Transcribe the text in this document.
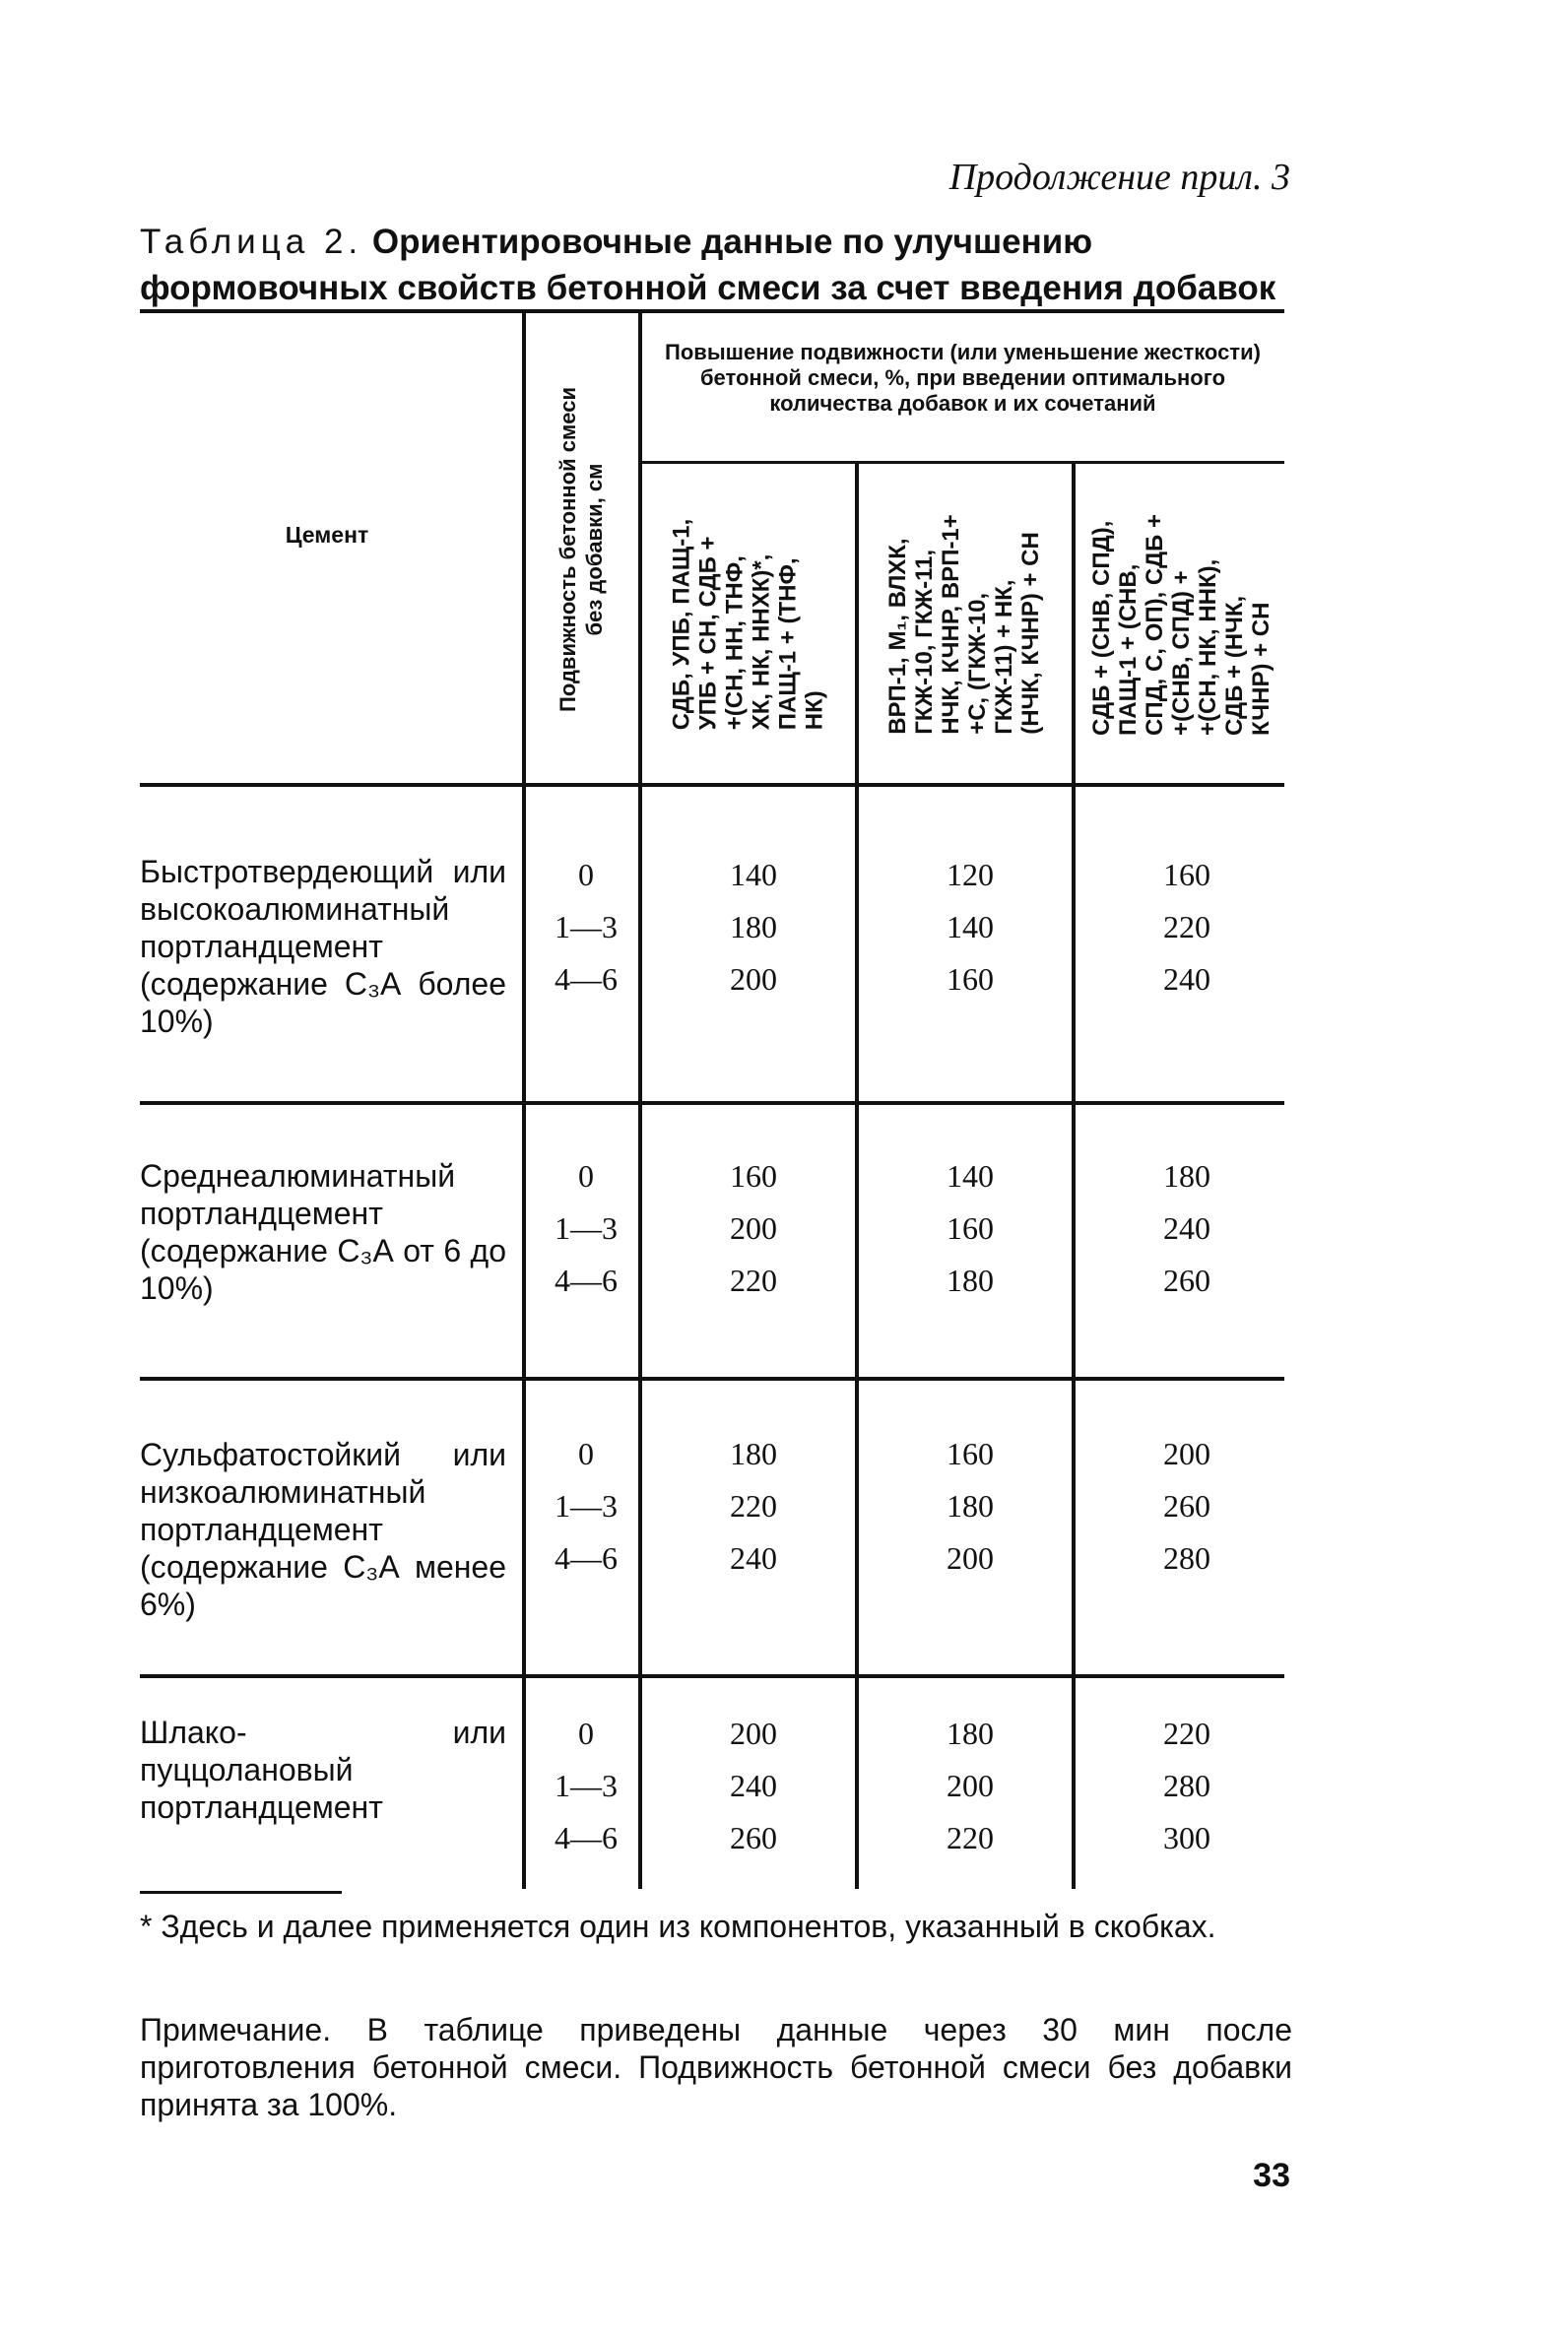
Продолжение прил. 3
Таблица 2. Ориентировочные данные по улучшению формовочных свойств бетонной смеси за счет введения добавок
Цемент	Подвижность бетонной смеси без добавки, см
Повышение подвижности (или уменьшение жесткости) бетонной смеси, %, при введении оптимального количества добавок и их сочетаний
СДБ, УПБ, ПАЩ-1, УПБ + СН, СДБ + +(СН, НН, ТНФ, ХК, НК, ННХК)*, ПАЩ-1 + (ТНФ, НК) ВРП-1, М₁, ВЛХК, ГКЖ-10, ГКЖ-11, НЧК, КЧНР, ВРП-1+ +С, (ГКЖ-10, ГКЖ-11) + НК, (НЧК, КЧНР) + СН СДБ + (СНВ, СПД), ПАЩ-1 + (СНВ, СПД, С, ОП), СДБ + +(СНВ, СПД) + +(СН, НК, ННК), СДБ + (НЧК, КЧНР) + СН
Быстротвердеющий или высокоалюминатный портландцемент (содержание С₃А более 10%)
0
1—3
4—6
140
180
200
120
140
160
160
220
240
Среднеалюминатный портландцемент (содержание С₃А от 6 до 10%)
0
1—3
4—6
160
200
220
140
160
180
180
240
260
Сульфатостойкий или низкоалюминатный портландцемент (содержание С₃А менее 6%)
0
1—3
4—6
180
220
240
160
180
200
200
260
280
Шлако- или пуццолановый портландцемент
0
1—3
4—6
200
240
260
180
200
220
220
280
300
* Здесь и далее применяется один из компонентов, указанный в скобках.
Примечание. В таблице приведены данные через 30 мин после приготовления бетонной смеси. Подвижность бетонной смеси без добавки принята за 100%.
33
